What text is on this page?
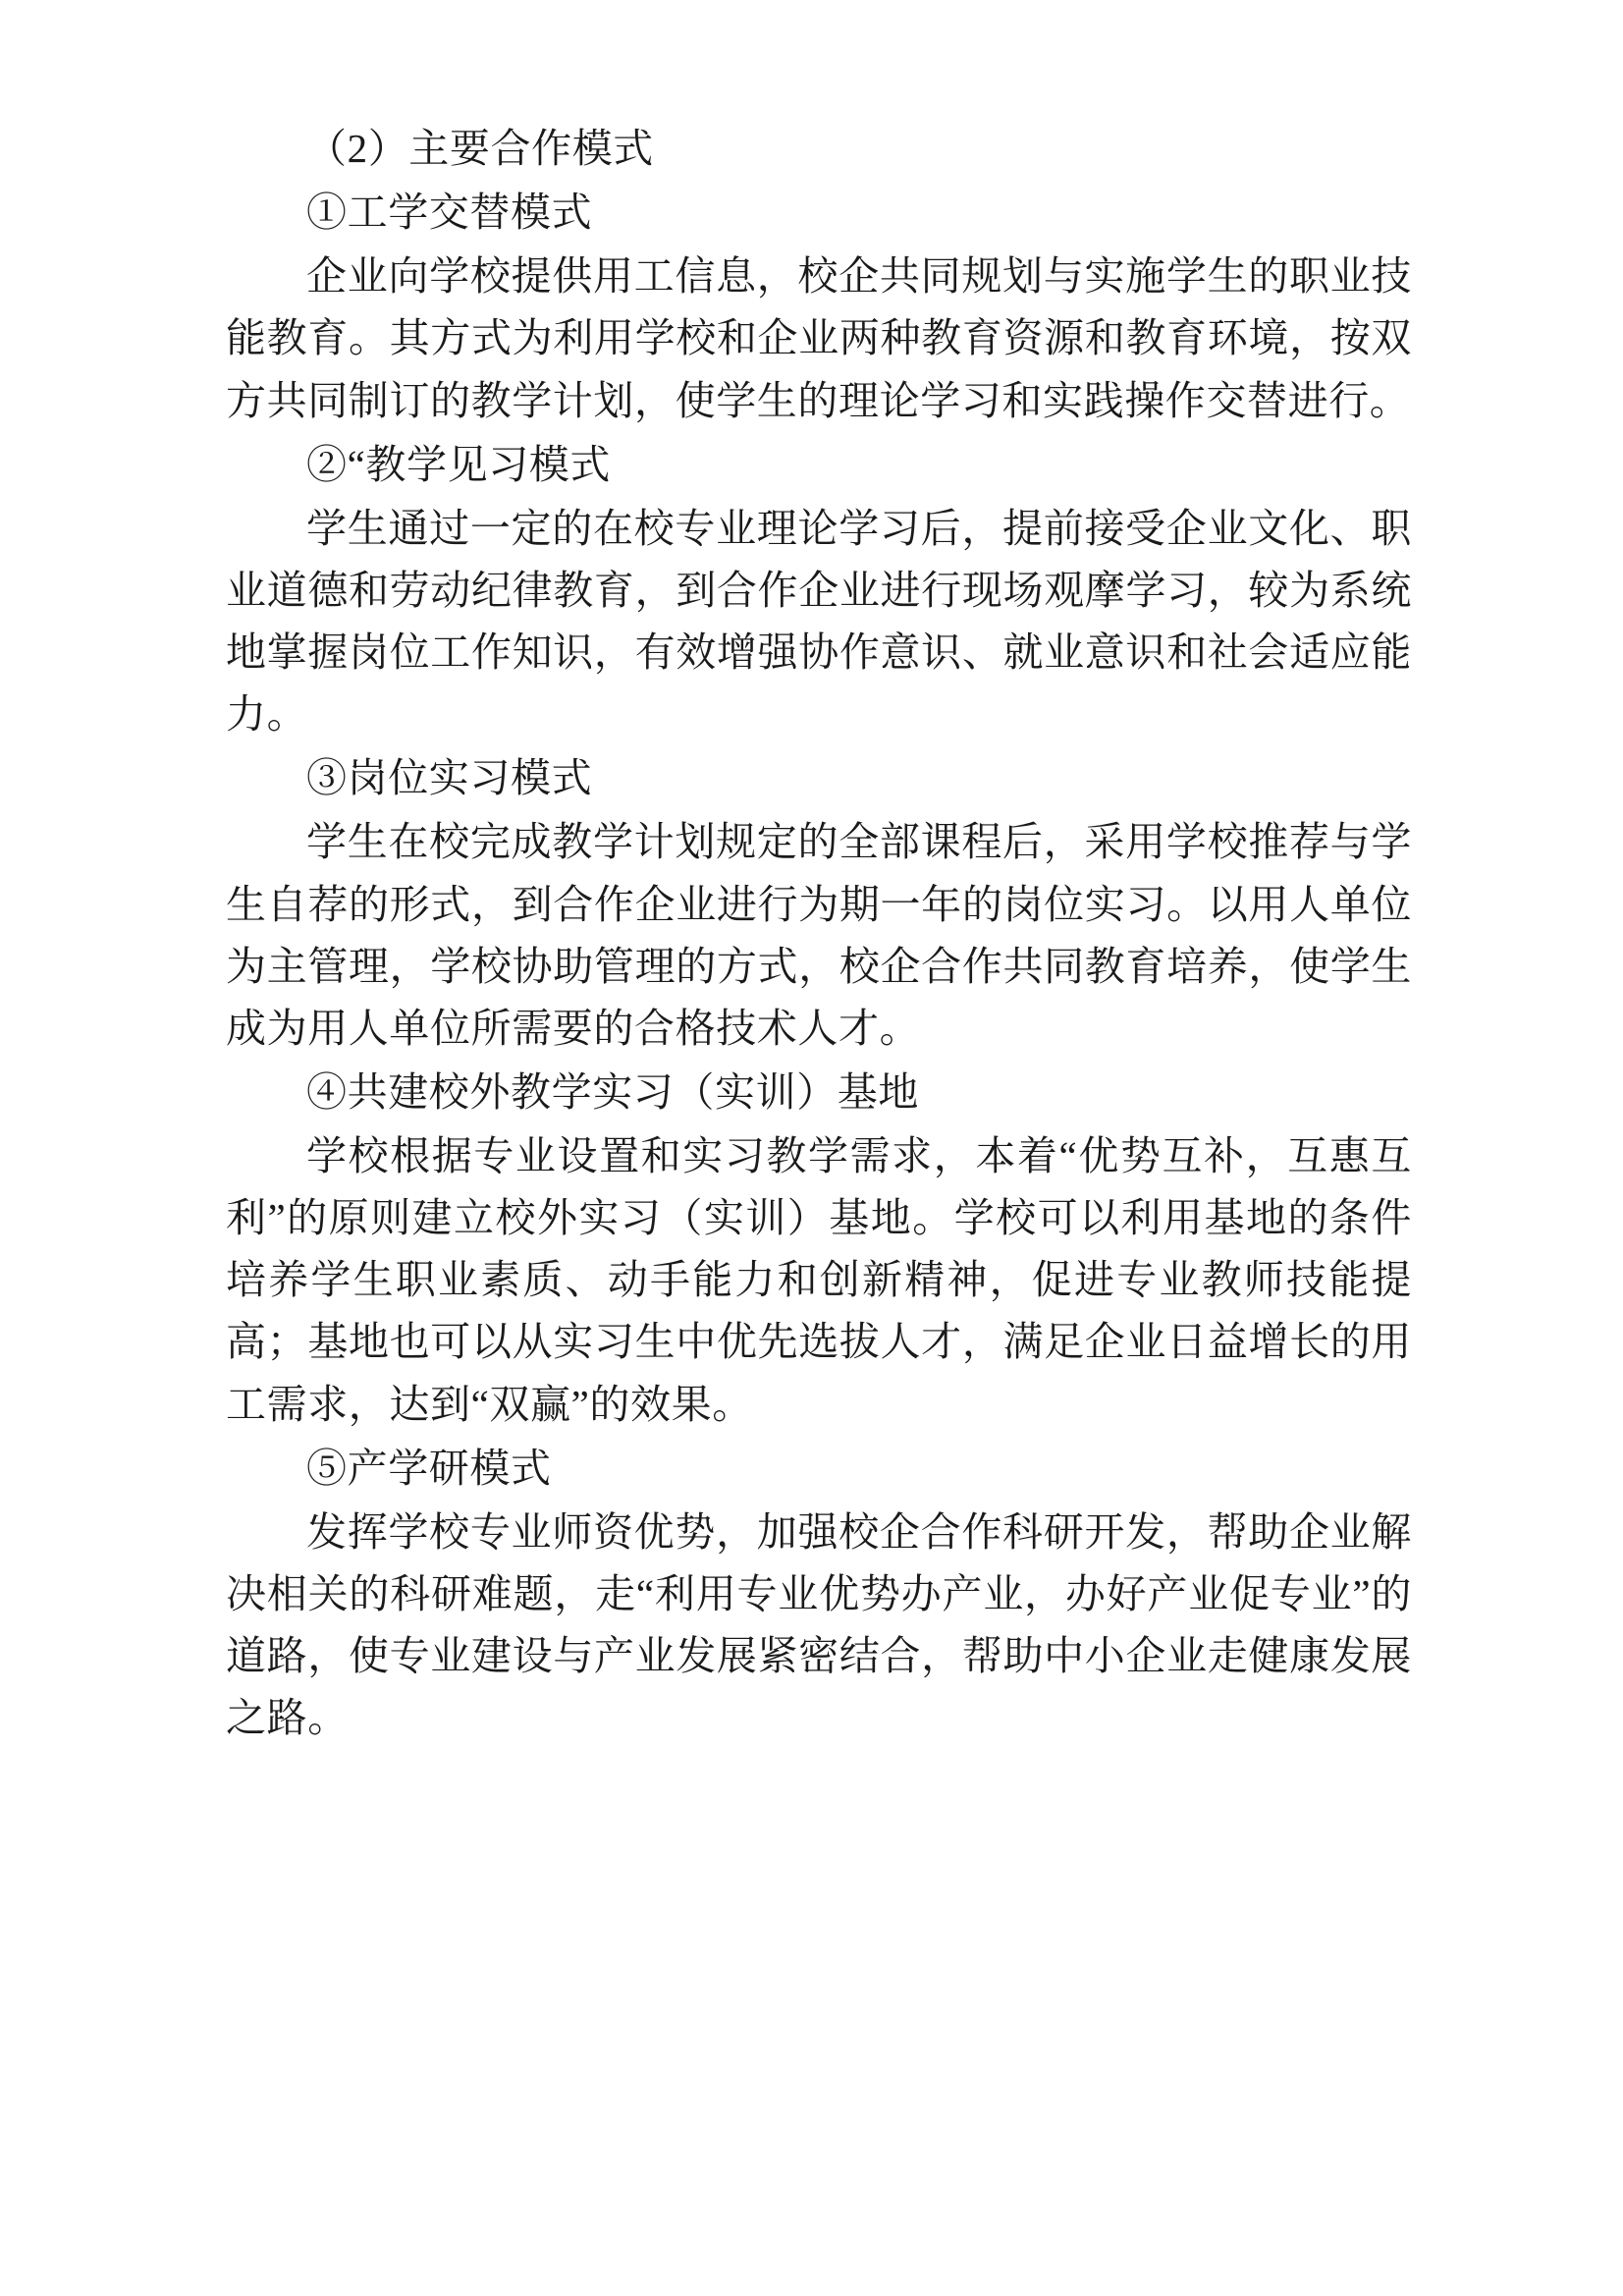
（2）主要合作模式

①工学交替模式

企业向学校提供用工信息，校企共同规划与实施学生的职业技能教育。其方式为利用学校和企业两种教育资源和教育环境，按双方共同制订的教学计划，使学生的理论学习和实践操作交替进行。

②“教学见习模式

学生通过一定的在校专业理论学习后，提前接受企业文化、职业道德和劳动纪律教育，到合作企业进行现场观摩学习，较为系统地掌握岗位工作知识，有效增强协作意识、就业意识和社会适应能力。

③岗位实习模式

学生在校完成教学计划规定的全部课程后，采用学校推荐与学生自荐的形式，到合作企业进行为期一年的岗位实习。以用人单位为主管理，学校协助管理的方式，校企合作共同教育培养，使学生成为用人单位所需要的合格技术人才。

④共建校外教学实习（实训）基地

学校根据专业设置和实习教学需求，本着“优势互补，互惠互利”的原则建立校外实习（实训）基地。学校可以利用基地的条件培养学生职业素质、动手能力和创新精神，促进专业教师技能提高；基地也可以从实习生中优先选拔人才，满足企业日益增长的用工需求，达到“双赢”的效果。

⑤产学研模式

发挥学校专业师资优势，加强校企合作科研开发，帮助企业解决相关的科研难题，走“利用专业优势办产业，办好产业促专业”的道路，使专业建设与产业发展紧密结合，帮助中小企业走健康发展之路。
